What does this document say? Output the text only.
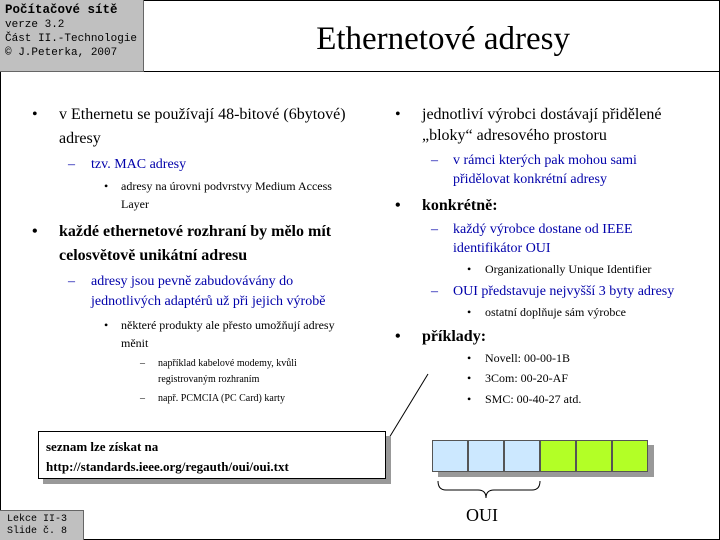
Počítačové sítě
verze 3.2
Část II.-Technologie
© J.Peterka, 2007	Ethernetové adresy
• v Ethernetu se používají 48-bitové (6bytové)
adresy
– tzv. MAC adresy
• adresy na úrovni podvrstvy Medium Access
Layer
• každé ethernetové rozhraní by mělo mít
celosvětově unikátní adresu
– adresy jsou pevně zabudovávány do
jednotlivých adaptérů už při jejich výrobě
• některé produkty ale přesto umožňují adresy
měnit
– například kabelové modemy, kvůli
registrovaným rozhraním
– např. PCMCIA (PC Card) karty
• jednotliví výrobci dostávají přidělené
„bloky“ adresového prostoru
– v rámci kterých pak mohou sami
přidělovat konkrétní adresy
• konkrétně:
– každý výrobce dostane od IEEE
identifikátor OUI
• Organizationally Unique Identifier
– OUI představuje nejvyšší 3 byty adresy
• ostatní doplňuje sám výrobce
• příklady:
• Novell: 00-00-1B
• 3Com: 00-20-AF
• SMC: 00-40-27 atd.
seznam lze získat na
http://standards.ieee.org/regauth/oui/oui.txt
OUI
Lekce II-3
Slide č. 8
